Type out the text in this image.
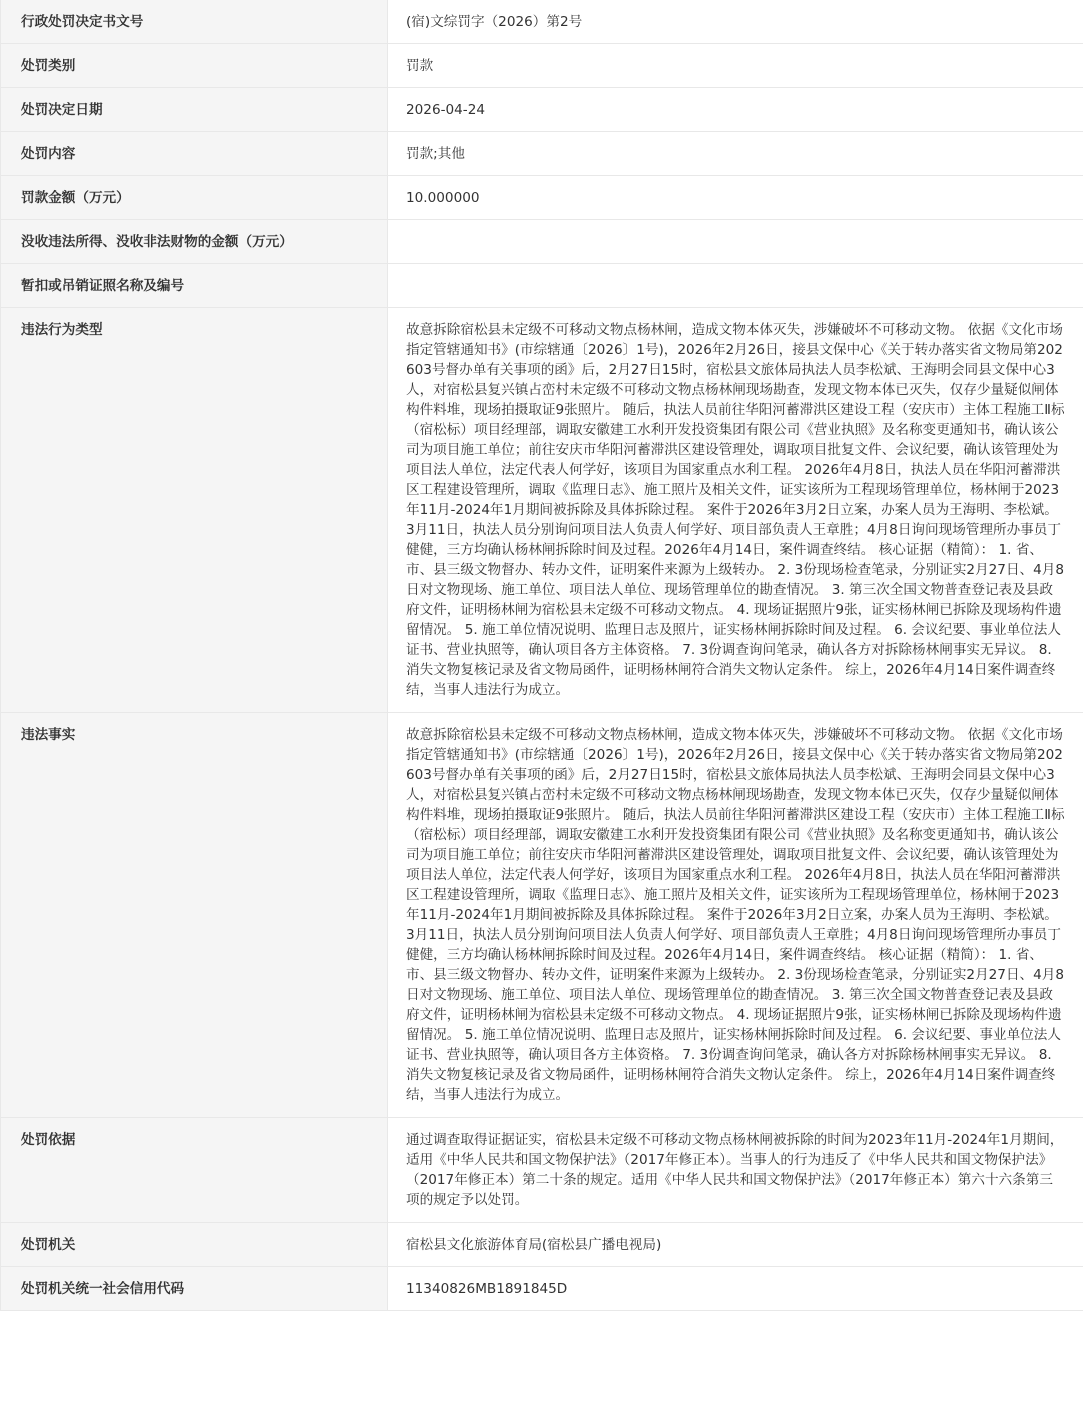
行政处罚决定书文号	(宿)文综罚字（2026）第2号
处罚类别	罚款
处罚决定日期	2026-04-24
处罚内容	罚款;其他
罚款金额（万元）	10.000000
没收违法所得、没收非法财物的金额（万元）	
暂扣或吊销证照名称及编号	
违法行为类型	故意拆除宿松县未定级不可移动文物点杨林闸，造成文物本体灭失，涉嫌破坏不可移动文物。 依据《文化市场指定管辖通知书》(市综辖通〔2026〕1号)，2026年2月26日，接县文保中心《关于转办落实省文物局第202603号督办单有关事项的函》后，2月27日15时，宿松县文旅体局执法人员李松斌、王海明会同县文保中心3人，对宿松县复兴镇占峦村未定级不可移动文物点杨林闸现场勘查，发现文物本体已灭失，仅存少量疑似闸体构件料堆，现场拍摄取证9张照片。 随后，执法人员前往华阳河蓄滞洪区建设工程（安庆市）主体工程施工Ⅱ标（宿松标）项目经理部，调取安徽建工水利开发投资集团有限公司《营业执照》及名称变更通知书，确认该公司为项目施工单位；前往安庆市华阳河蓄滞洪区建设管理处，调取项目批复文件、会议纪要，确认该管理处为项目法人单位，法定代表人何学好，该项目为国家重点水利工程。 2026年4月8日，执法人员在华阳河蓄滞洪区工程建设管理所，调取《监理日志》、施工照片及相关文件，证实该所为工程现场管理单位，杨林闸于2023年11月-2024年1月期间被拆除及具体拆除过程。 案件于2026年3月2日立案，办案人员为王海明、李松斌。3月11日，执法人员分别询问项目法人负责人何学好、项目部负责人王章胜；4月8日询问现场管理所办事员丁健健，三方均确认杨林闸拆除时间及过程。2026年4月14日，案件调查终结。 核心证据（精简）： 1. 省、市、县三级文物督办、转办文件，证明案件来源为上级转办。 2. 3份现场检查笔录，分别证实2月27日、4月8日对文物现场、施工单位、项目法人单位、现场管理单位的勘查情况。 3. 第三次全国文物普查登记表及县政府文件，证明杨林闸为宿松县未定级不可移动文物点。 4. 现场证据照片9张，证实杨林闸已拆除及现场构件遗留情况。 5. 施工单位情况说明、监理日志及照片，证实杨林闸拆除时间及过程。 6. 会议纪要、事业单位法人证书、营业执照等，确认项目各方主体资格。 7. 3份调查询问笔录，确认各方对拆除杨林闸事实无异议。 8. 消失文物复核记录及省文物局函件，证明杨林闸符合消失文物认定条件。 综上，2026年4月14日案件调查终结，当事人违法行为成立。
违法事实	故意拆除宿松县未定级不可移动文物点杨林闸，造成文物本体灭失，涉嫌破坏不可移动文物。 依据《文化市场指定管辖通知书》(市综辖通〔2026〕1号)，2026年2月26日，接县文保中心《关于转办落实省文物局第202603号督办单有关事项的函》后，2月27日15时，宿松县文旅体局执法人员李松斌、王海明会同县文保中心3人，对宿松县复兴镇占峦村未定级不可移动文物点杨林闸现场勘查，发现文物本体已灭失，仅存少量疑似闸体构件料堆，现场拍摄取证9张照片。 随后，执法人员前往华阳河蓄滞洪区建设工程（安庆市）主体工程施工Ⅱ标（宿松标）项目经理部，调取安徽建工水利开发投资集团有限公司《营业执照》及名称变更通知书，确认该公司为项目施工单位；前往安庆市华阳河蓄滞洪区建设管理处，调取项目批复文件、会议纪要，确认该管理处为项目法人单位，法定代表人何学好，该项目为国家重点水利工程。 2026年4月8日，执法人员在华阳河蓄滞洪区工程建设管理所，调取《监理日志》、施工照片及相关文件，证实该所为工程现场管理单位，杨林闸于2023年11月-2024年1月期间被拆除及具体拆除过程。 案件于2026年3月2日立案，办案人员为王海明、李松斌。3月11日，执法人员分别询问项目法人负责人何学好、项目部负责人王章胜；4月8日询问现场管理所办事员丁健健，三方均确认杨林闸拆除时间及过程。2026年4月14日，案件调查终结。 核心证据（精简）： 1. 省、市、县三级文物督办、转办文件，证明案件来源为上级转办。 2. 3份现场检查笔录，分别证实2月27日、4月8日对文物现场、施工单位、项目法人单位、现场管理单位的勘查情况。 3. 第三次全国文物普查登记表及县政府文件，证明杨林闸为宿松县未定级不可移动文物点。 4. 现场证据照片9张，证实杨林闸已拆除及现场构件遗留情况。 5. 施工单位情况说明、监理日志及照片，证实杨林闸拆除时间及过程。 6. 会议纪要、事业单位法人证书、营业执照等，确认项目各方主体资格。 7. 3份调查询问笔录，确认各方对拆除杨林闸事实无异议。 8. 消失文物复核记录及省文物局函件，证明杨林闸符合消失文物认定条件。 综上，2026年4月14日案件调查终结，当事人违法行为成立。
处罚依据	通过调查取得证据证实，宿松县未定级不可移动文物点杨林闸被拆除的时间为2023年11月-2024年1月期间，适用《中华人民共和国文物保护法》（2017年修正本）。当事人的行为违反了《中华人民共和国文物保护法》（2017年修正本）第二十条的规定。适用《中华人民共和国文物保护法》（2017年修正本）第六十六条第三项的规定予以处罚。
处罚机关	宿松县文化旅游体育局(宿松县广播电视局)
处罚机关统一社会信用代码	11340826MB1891845D
